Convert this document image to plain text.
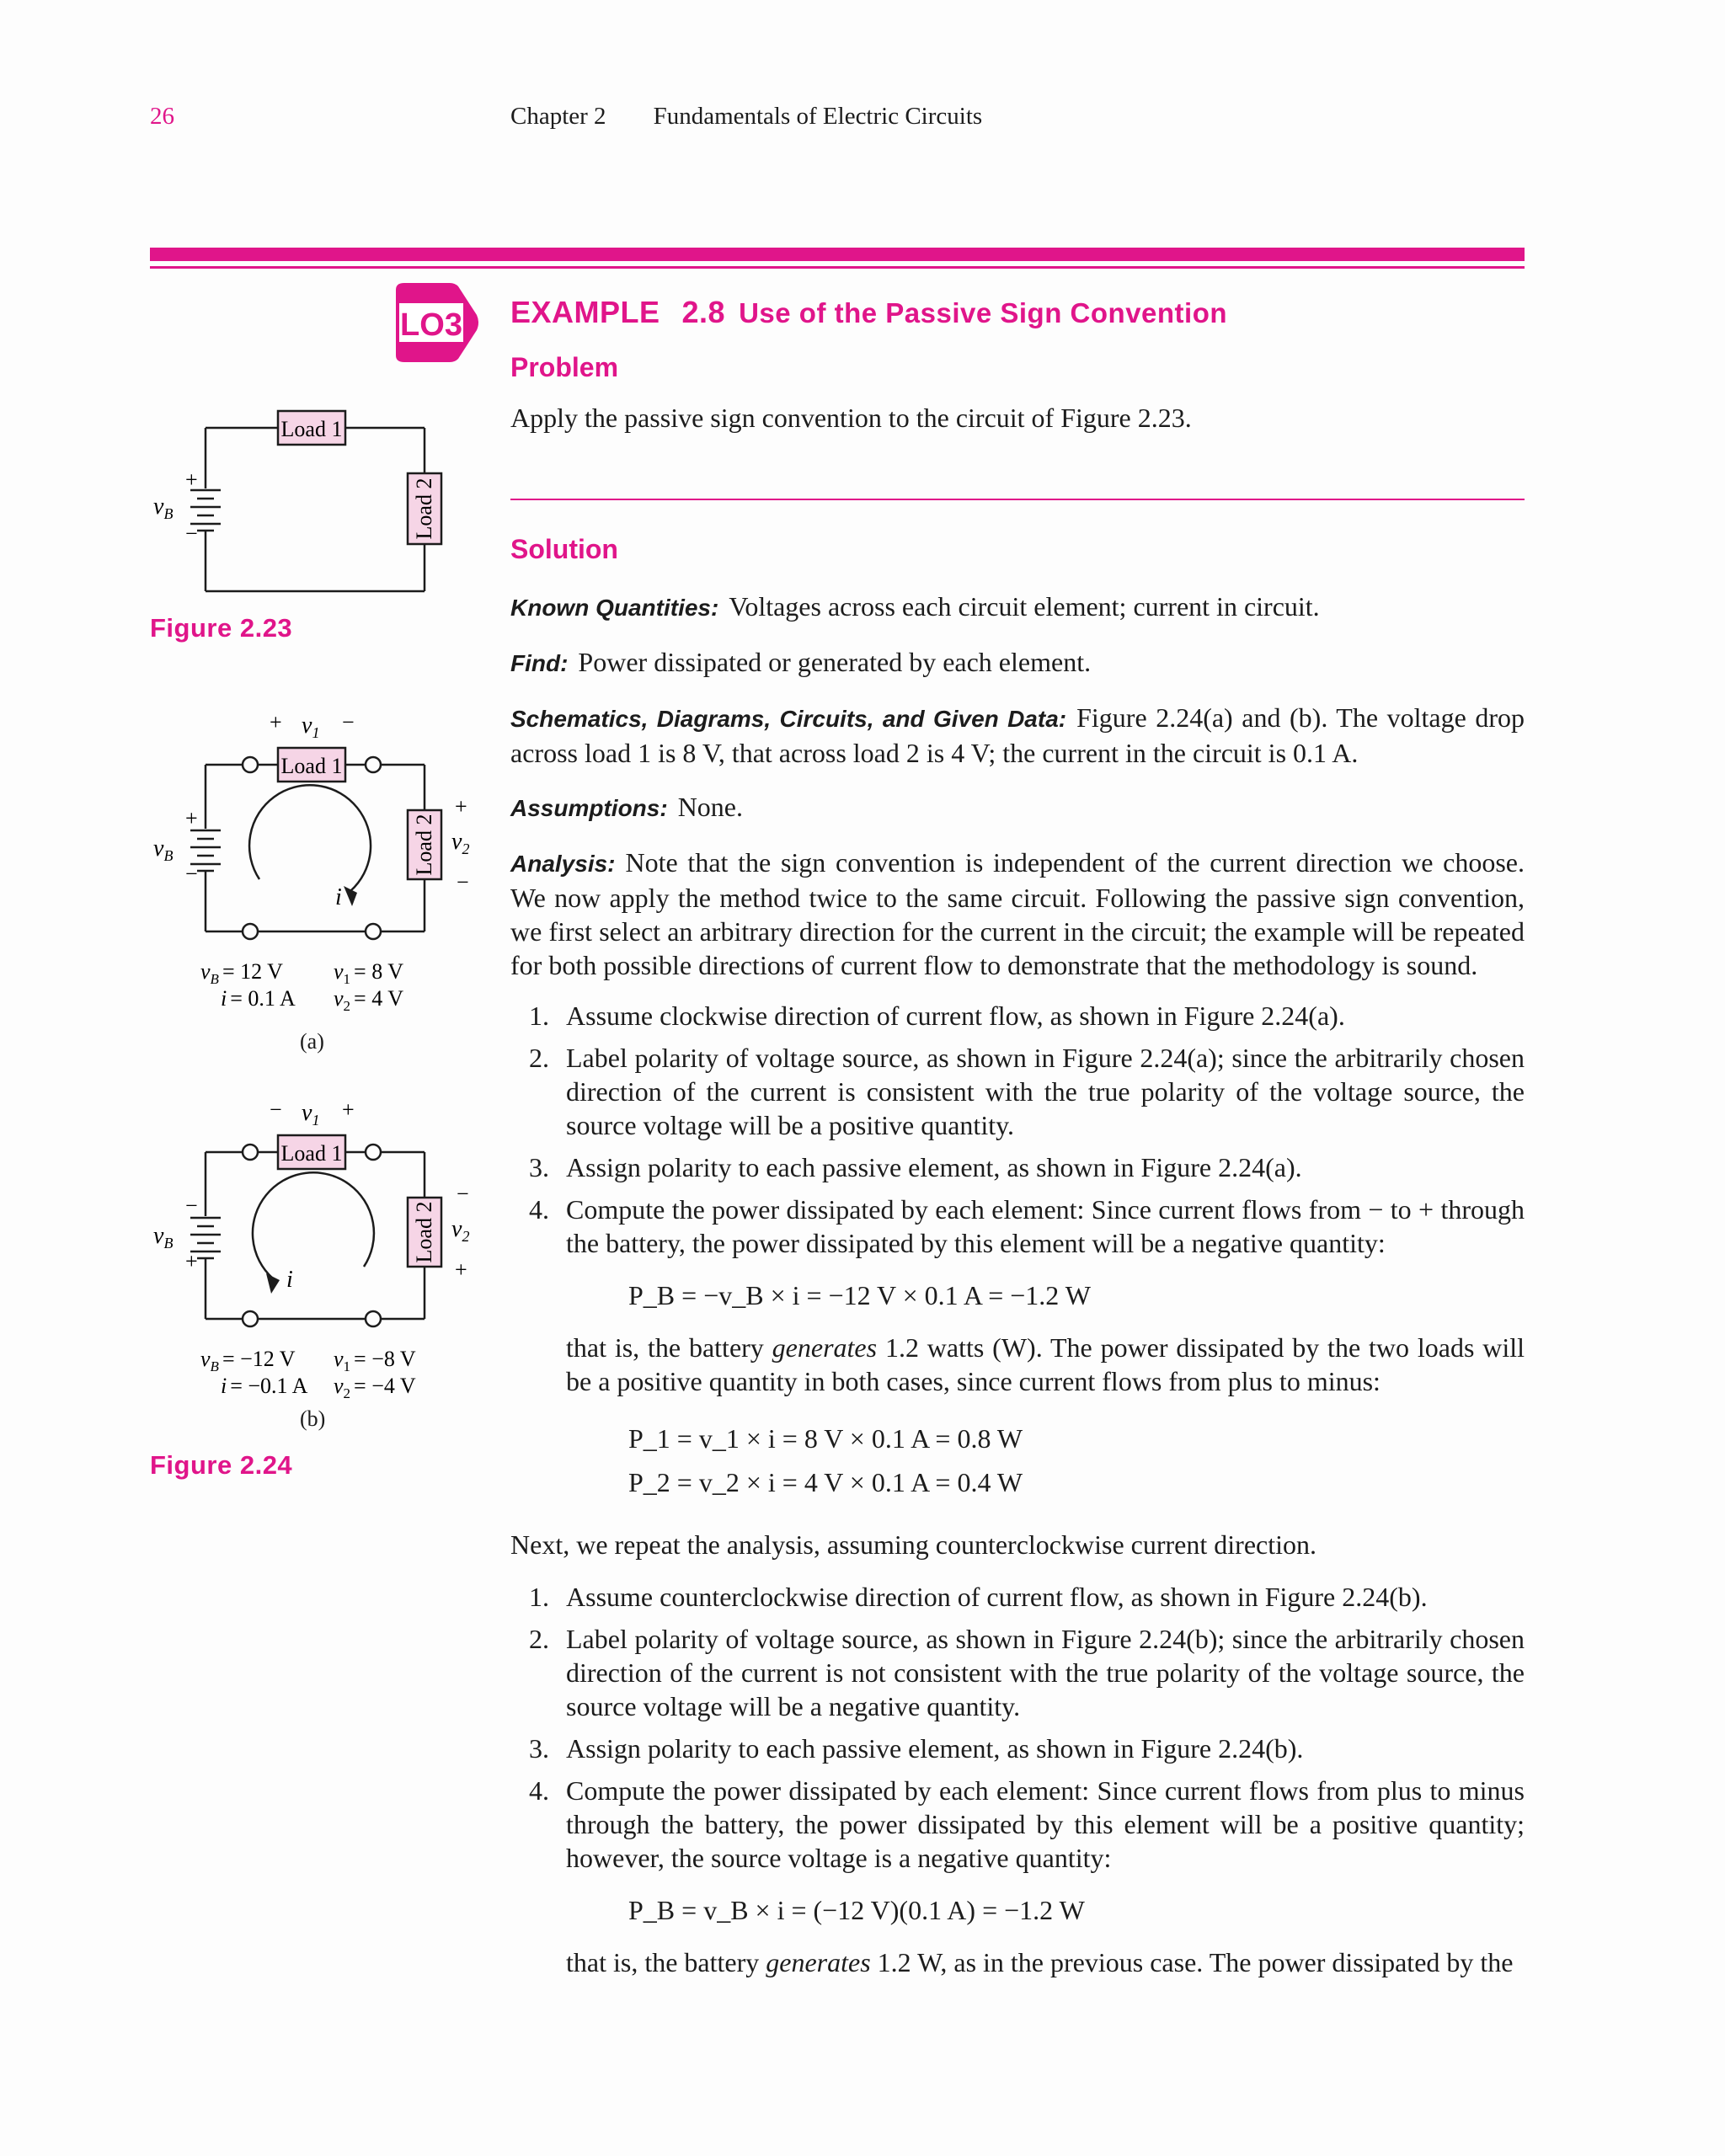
26	Chapter 2 Fundamentals of Electric Circuits
LO3 EXAMPLE 2.8 Use of the Passive Sign Convention
Problem
Apply the passive sign convention to the circuit of Figure 2.23.
Solution
Known Quantities: Voltages across each circuit element; current in circuit.
Find: Power dissipated or generated by each element.
Schematics, Diagrams, Circuits, and Given Data: Figure 2.24(a) and (b). The voltage drop across load 1 is 8 V, that across load 2 is 4 V; the current in the circuit is 0.1 A.
Assumptions: None.
Analysis: Note that the sign convention is independent of the current direction we choose. We now apply the method twice to the same circuit. Following the passive sign convention, we first select an arbitrary direction for the current in the circuit; the example will be repeated for both possible directions of current flow to demonstrate that the methodology is sound.
1. Assume clockwise direction of current flow, as shown in Figure 2.24(a).
2. Label polarity of voltage source, as shown in Figure 2.24(a); since the arbitrarily chosen direction of the current is consistent with the true polarity of the voltage source, the source voltage will be a positive quantity.
3. Assign polarity to each passive element, as shown in Figure 2.24(a).
4. Compute the power dissipated by each element: Since current flows from − to + through the battery, the power dissipated by this element will be a negative quantity:
P_B = −v_B × i = −12 V × 0.1 A = −1.2 W
that is, the battery generates 1.2 watts (W). The power dissipated by the two loads will be a positive quantity in both cases, since current flows from plus to minus:
P_1 = v_1 × i = 8 V × 0.1 A = 0.8 W
P_2 = v_2 × i = 4 V × 0.1 A = 0.4 W
Next, we repeat the analysis, assuming counterclockwise current direction.
1. Assume counterclockwise direction of current flow, as shown in Figure 2.24(b).
2. Label polarity of voltage source, as shown in Figure 2.24(b); since the arbitrarily chosen direction of the current is not consistent with the true polarity of the voltage source, the source voltage will be a negative quantity.
3. Assign polarity to each passive element, as shown in Figure 2.24(b).
4. Compute the power dissipated by each element: Since current flows from plus to minus through the battery, the power dissipated by this element will be a positive quantity; however, the source voltage is a negative quantity:
P_B = v_B × i = (−12 V)(0.1 A) = −1.2 W
that is, the battery generates 1.2 W, as in the previous case. The power dissipated by the
Load 1
Load 2
+
−
$v_B$
Figure 2.23
Load 1
Load 2
+ $v_1$ −
+
$v_2$
−
+
−
$v_B$
i
$v_B = 12$ V $v_1 = 8$ V
i = 0.1 A $v_2 = 4$ V
(a)
Load 1
Load 2
− $v_1$ +
−
$v_2$
+
−
+
$v_B$
i
$v_B = -12$ V $v_1 = -8$ V
i = −0.1 A $v_2 = -4$ V
(b)
Figure 2.24
